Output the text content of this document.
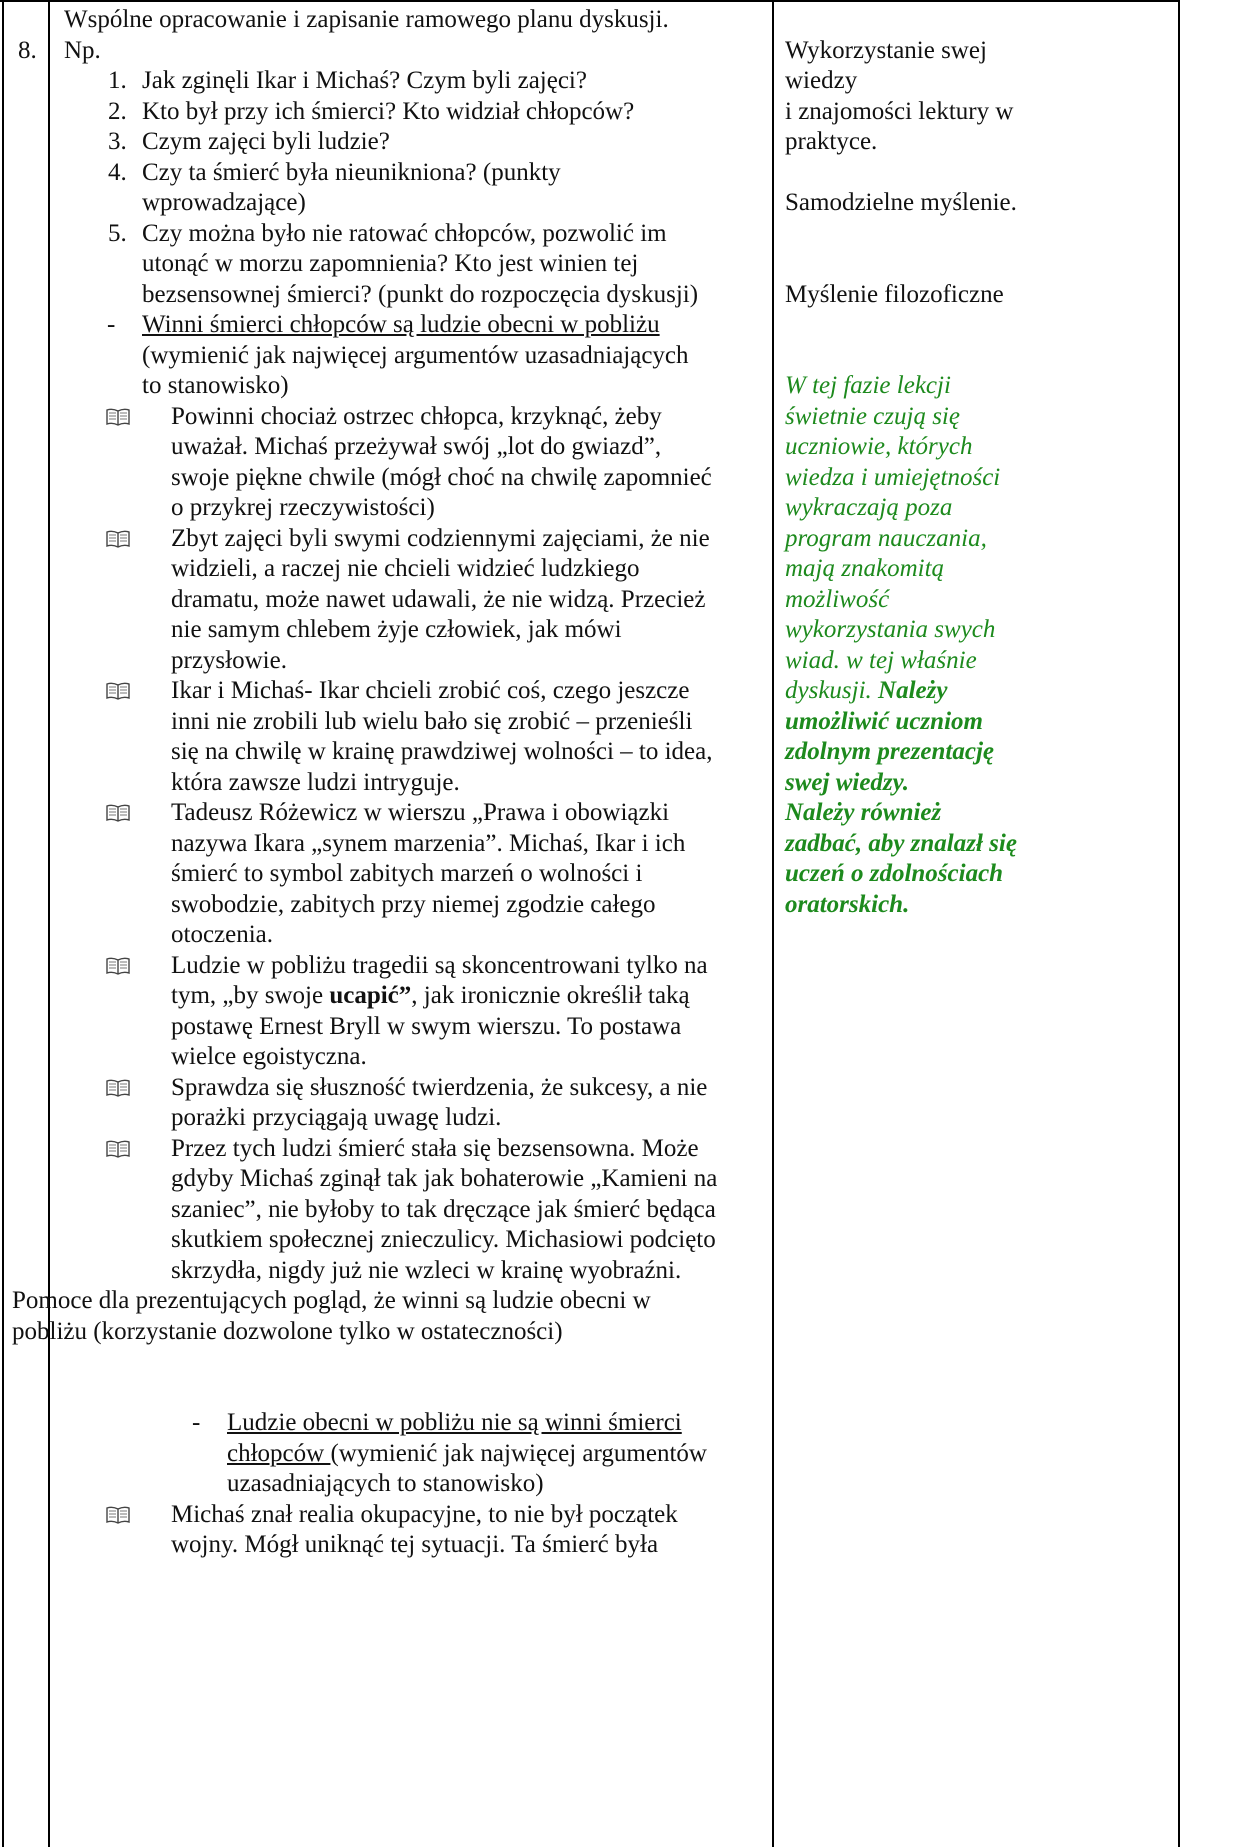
8.
Wspólne opracowanie i zapisanie ramowego planu dyskusji.
Np.
1. Jak zginęli Ikar i Michaś? Czym byli zajęci?
2. Kto był przy ich śmierci? Kto widział chłopców?
3. Czym zajęci byli ludzie?
4. Czy ta śmierć była nieunikniona? (punkty
wprowadzające)
5. Czy można było nie ratować chłopców, pozwolić im
utonąć w morzu zapomnienia? Kto jest winien tej
bezsensownej śmierci? (punkt do rozpoczęcia dyskusji)
- Winni śmierci chłopców są ludzie obecni w pobliżu
(wymienić jak najwięcej argumentów uzasadniających
to stanowisko)
Powinni chociaż ostrzec chłopca, krzyknąć, żeby
uważał. Michaś przeżywał swój „lot do gwiazd”,
swoje piękne chwile (mógł choć na chwilę zapomnieć
o przykrej rzeczywistości)
Zbyt zajęci byli swymi codziennymi zajęciami, że nie
widzieli, a raczej nie chcieli widzieć ludzkiego
dramatu, może nawet udawali, że nie widzą. Przecież
nie samym chlebem żyje człowiek, jak mówi
przysłowie.
Ikar i Michaś- Ikar chcieli zrobić coś, czego jeszcze
inni nie zrobili lub wielu bało się zrobić – przenieśli
się na chwilę w krainę prawdziwej wolności – to idea,
która zawsze ludzi intryguje.
Tadeusz Różewicz w wierszu „Prawa i obowiązki
nazywa Ikara „synem marzenia”. Michaś, Ikar i ich
śmierć to symbol zabitych marzeń o wolności i
swobodzie, zabitych przy niemej zgodzie całego
otoczenia.
Ludzie w pobliżu tragedii są skoncentrowani tylko na
tym, „by swoje ucapić”, jak ironicznie określił taką
postawę Ernest Bryll w swym wierszu. To postawa
wielce egoistyczna.
Sprawdza się słuszność twierdzenia, że sukcesy, a nie
porażki przyciągają uwagę ludzi.
Przez tych ludzi śmierć stała się bezsensowna. Może
gdyby Michaś zginął tak jak bohaterowie „Kamieni na
szaniec”, nie byłoby to tak dręczące jak śmierć będąca
skutkiem społecznej znieczulicy. Michasiowi podcięto
skrzydła, nigdy już nie wzleci w krainę wyobraźni.
Pomoce dla prezentujących pogląd, że winni są ludzie obecni w
pobliżu (korzystanie dozwolone tylko w ostateczności)
- Ludzie obecni w pobliżu nie są winni śmierci
chłopców (wymienić jak najwięcej argumentów
uzasadniających to stanowisko)
Michaś znał realia okupacyjne, to nie był początek
wojny. Mógł uniknąć tej sytuacji. Ta śmierć była
Wykorzystanie swej
wiedzy
i znajomości lektury w
praktyce.
Samodzielne myślenie.
Myślenie filozoficzne
W tej fazie lekcji
świetnie czują się
uczniowie, których
wiedza i umiejętności
wykraczają poza
program nauczania,
mają znakomitą
możliwość
wykorzystania swych
wiad. w tej właśnie
dyskusji. Należy
umożliwić uczniom
zdolnym prezentację
swej wiedzy.
Należy również
zadbać, aby znalazł się
uczeń o zdolnościach
oratorskich.
